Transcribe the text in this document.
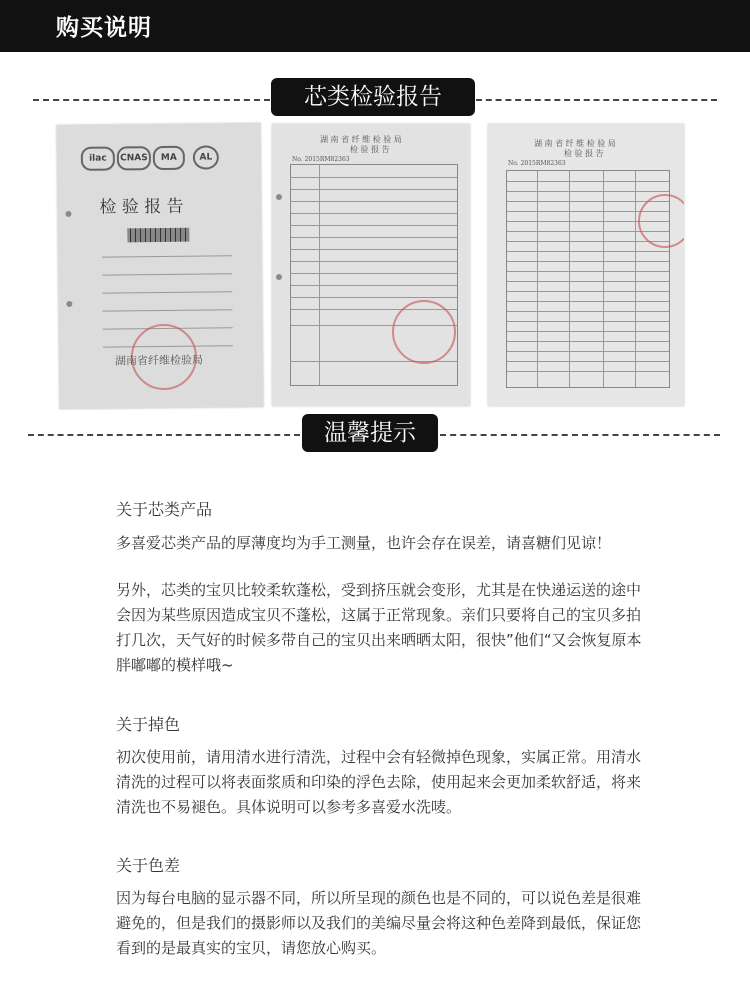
购买说明
芯类检验报告
ilac	CNAS	MA	AL
检 验 报 告
湖南省纤维检验局
湖 南 省 纤 维 检 验 局
检 验 报 告
No. 2015RM82363
湖 南 省 纤 维 检 验 局
检 验 报 告
No. 2015RM82363
温馨提示
关于芯类产品
多喜爱芯类产品的厚薄度均为手工测量，也许会存在误差，请喜糖们见谅！
另外，芯类的宝贝比较柔软蓬松，受到挤压就会变形，尤其是在快递运送的途中会因为某些原因造成宝贝不蓬松，这属于正常现象。亲们只要将自己的宝贝多拍打几次，天气好的时候多带自己的宝贝出来晒晒太阳，很快”他们“又会恢复原本胖嘟嘟的模样哦~
关于掉色
初次使用前，请用清水进行清洗，过程中会有轻微掉色现象，实属正常。用清水清洗的过程可以将表面浆质和印染的浮色去除，使用起来会更加柔软舒适，将来清洗也不易褪色。具体说明可以参考多喜爱水洗唛。
关于色差
因为每台电脑的显示器不同，所以所呈现的颜色也是不同的，可以说色差是很难避免的，但是我们的摄影师以及我们的美编尽量会将这种色差降到最低，保证您看到的是最真实的宝贝，请您放心购买。
